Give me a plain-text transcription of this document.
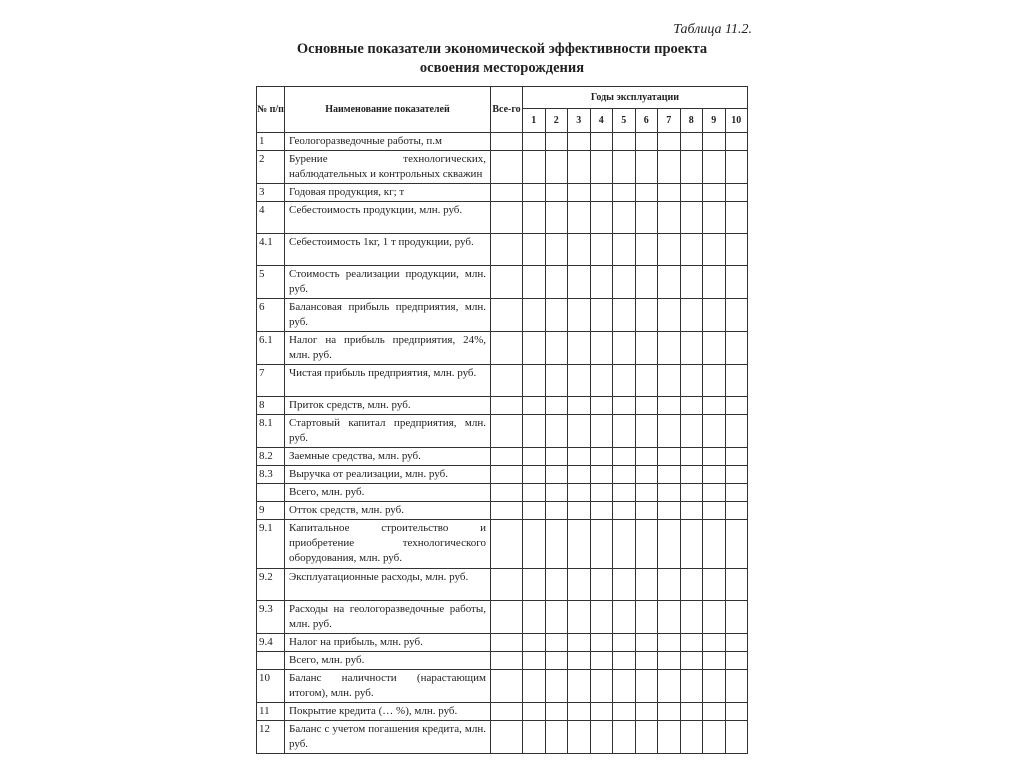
Таблица 11.2.
Основные показатели экономической эффективности проекта
освоения месторождения
№ п/п	Наименование показателей	Все-го	Годы эксплуатации									
			1	2	3	4	5	6	7	8	9	10
1	Геологоразведочные работы, п.м											
2	Бурение технологических, наблюдательных и контрольных скважин											
3	Годовая продукция, кг; т											
4	Себестоимость продукции, млн. руб.											
4.1	Себестоимость 1кг, 1 т продукции, руб.											
5	Стоимость реализации продукции, млн. руб.											
6	Балансовая прибыль предприятия, млн. руб.											
6.1	Налог на прибыль предприятия, 24%, млн. руб.											
7	Чистая прибыль предприятия, млн. руб.											
8	Приток средств, млн. руб.											
8.1	Стартовый капитал предприятия, млн. руб.											
8.2	Заемные средства, млн. руб.											
8.3	Выручка от реализации, млн. руб.											
	Всего, млн. руб.											
9	Отток средств, млн. руб.											
9.1	Капитальное строительство и приобретение технологического оборудования, млн. руб.											
9.2	Эксплуатационные расходы, млн. руб.											
9.3	Расходы на геологоразведочные работы, млн. руб.											
9.4	Налог на прибыль, млн. руб.											
	Всего, млн. руб.											
10	Баланс наличности (нарастающим итогом), млн. руб.											
11	Покрытие кредита (… %), млн. руб.											
12	Баланс с учетом погашения кредита, млн. руб.											
